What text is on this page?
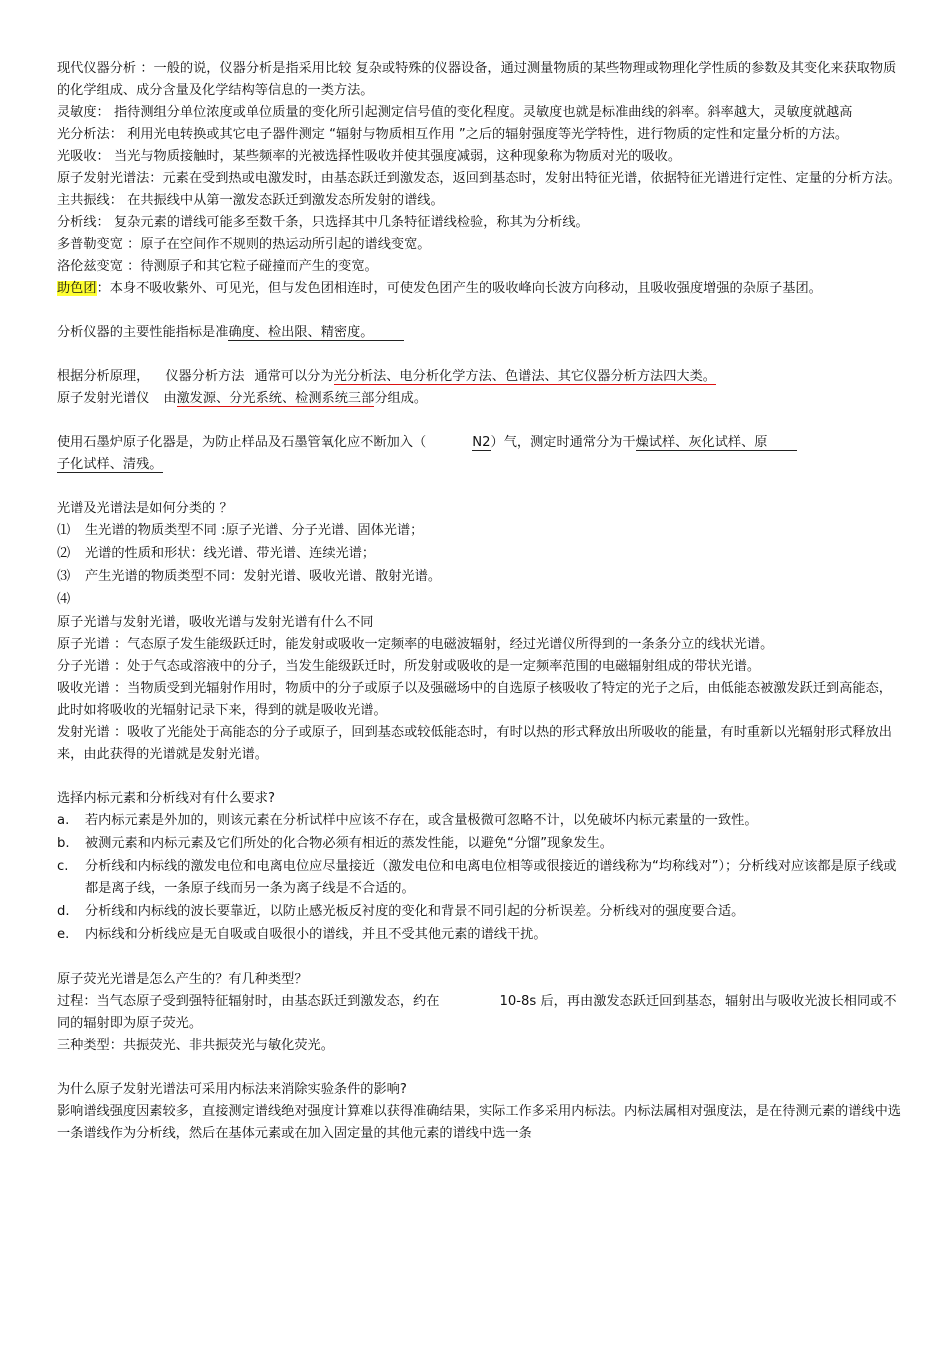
现代仪器分析 ：一般的说，仪器分析是指采用比较 复杂或特殊的仪器设备，通过测量物质的某些物理或物理化学性质的参数及其变化来获取物质的化学组成、成分含量及化学结构等信息的一类方法。

灵敏度： 指待测组分单位浓度或单位质量的变化所引起测定信号值的变化程度。灵敏度也就是标准曲线的斜率。斜率越大，灵敏度就越高

光分析法： 利用光电转换或其它电子器件测定 “辐射与物质相互作用 ”之后的辐射强度等光学特性，进行物质的定性和定量分析的方法。

光吸收： 当光与物质接触时，某些频率的光被选择性吸收并使其强度减弱，这种现象称为物质对光的吸收。

原子发射光谱法：元素在受到热或电激发时，由基态跃迁到激发态，返回到基态时，发射出特征光谱，依据特征光谱进行定性、定量的分析方法。

主共振线： 在共振线中从第一激发态跃迁到激发态所发射的谱线。

分析线： 复杂元素的谱线可能多至数千条，只选择其中几条特征谱线检验，称其为分析线。

多普勒变宽 ：原子在空间作不规则的热运动所引起的谱线变宽。

洛伦兹变宽 ：待测原子和其它粒子碰撞而产生的变宽。

助色团：本身不吸收紫外、可见光，但与发色团相连时，可使发色团产生的吸收峰向长波方向移动，且吸收强度增强的杂原子基团。

分析仪器的主要性能指标是准确度、检出限、精密度。

根据分析原理， 仪器分析方法 通常可以分为光分析法、电分析化学方法、色谱法、其它仪器分析方法四大类。

原子发射光谱仪 由激发源、分光系统、检测系统三部分组成。

使用石墨炉原子化器是，为防止样品及石墨管氧化应不断加入（	N2）气，测定时通常分为干燥试样、灰化试样、原
子化试样、清残。

光谱及光谱法是如何分类的 ？

⑴	生光谱的物质类型不同 :原子光谱、分子光谱、固体光谱；
⑵	光谱的性质和形状：线光谱、带光谱、连续光谱；
⑶	产生光谱的物质类型不同：发射光谱、吸收光谱、散射光谱。
⑷

原子光谱与发射光谱，吸收光谱与发射光谱有什么不同

原子光谱 ：气态原子发生能级跃迁时，能发射或吸收一定频率的电磁波辐射，经过光谱仪所得到的一条条分立的线状光谱。

分子光谱 ：处于气态或溶液中的分子，当发生能级跃迁时，所发射或吸收的是一定频率范围的电磁辐射组成的带状光谱。

吸收光谱 ：当物质受到光辐射作用时，物质中的分子或原子以及强磁场中的自选原子核吸收了特定的光子之后，由低能态被激发跃迁到高能态，此时如将吸收的光辐射记录下来，得到的就是吸收光谱。

发射光谱 ：吸收了光能处于高能态的分子或原子，回到基态或较低能态时，有时以热的形式释放出所吸收的能量，有时重新以光辐射形式释放出来，由此获得的光谱就是发射光谱。

选择内标元素和分析线对有什么要求?

a.	若内标元素是外加的，则该元素在分析试样中应该不存在，或含量极微可忽略不计，以免破坏内标元素量的一致性。
b.	被测元素和内标元素及它们所处的化合物必须有相近的蒸发性能，以避免“分馏”现象发生。
c.	分析线和内标线的激发电位和电离电位应尽量接近（激发电位和电离电位相等或很接近的谱线称为“均称线对”）；分析线对应该都是原子线或都是离子线，一条原子线而另一条为离子线是不合适的。
d.	分析线和内标线的波长要靠近，以防止感光板反衬度的变化和背景不同引起的分析误差。分析线对的强度要合适。
e.	内标线和分析线应是无自吸或自吸很小的谱线，并且不受其他元素的谱线干扰。

原子荧光光谱是怎么产生的？有几种类型？

过程：当气态原子受到强特征辐射时，由基态跃迁到激发态，约在	10-8s 后，再由激发态跃迁回到基态，辐射出与吸收光波长相同或不同的辐射即为原子荧光。

三种类型：共振荧光、非共振荧光与敏化荧光。

为什么原子发射光谱法可采用内标法来消除实验条件的影响?

影响谱线强度因素较多，直接测定谱线绝对强度计算难以获得准确结果，实际工作多采用内标法。内标法属相对强度法，是在待测元素的谱线中选一条谱线作为分析线，然后在基体元素或在加入固定量的其他元素的谱线中选一条
